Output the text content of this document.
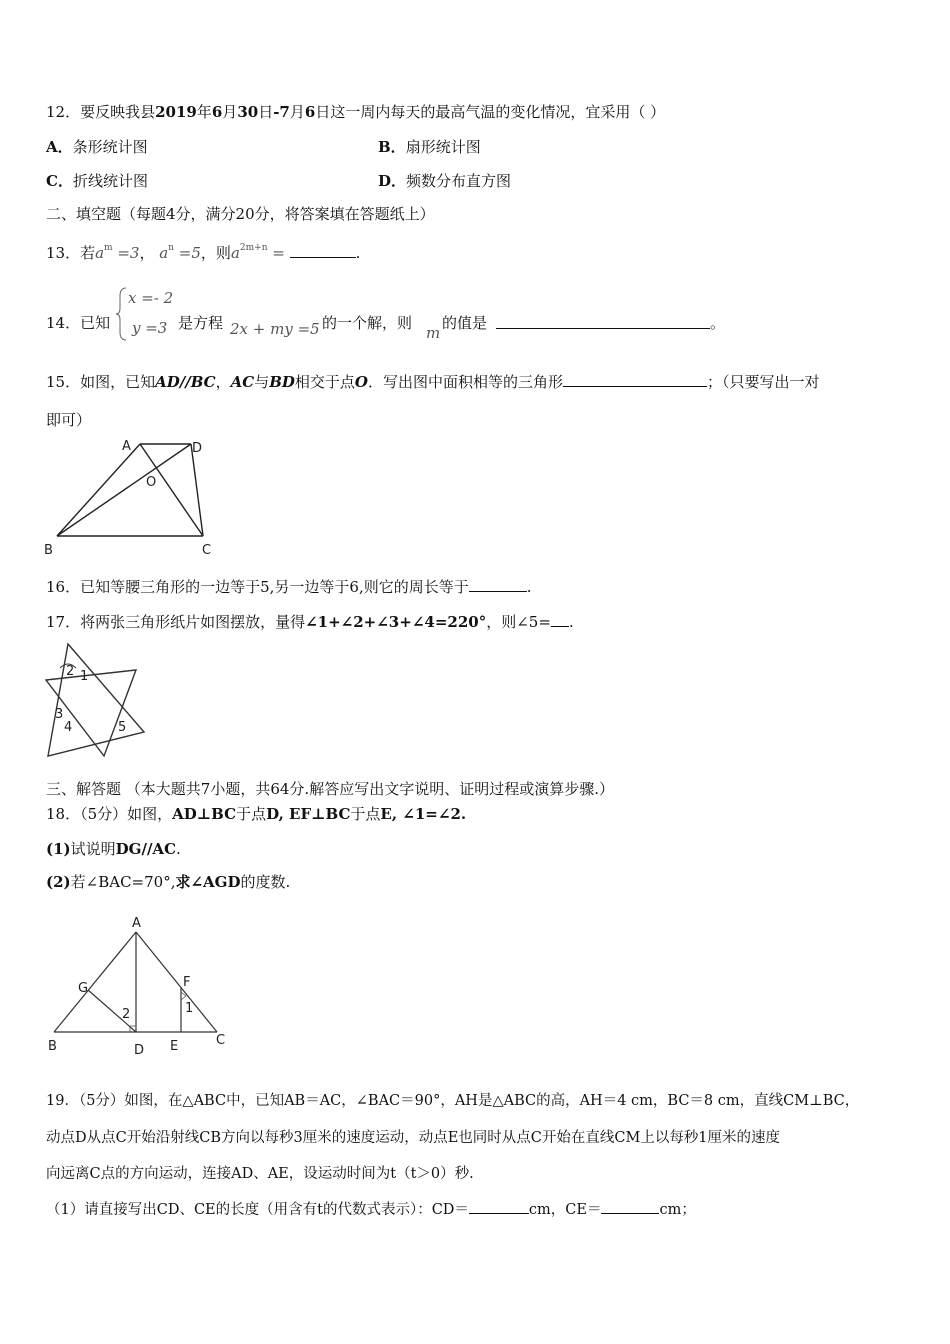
12．要反映我县2019年6月30日-7月6日这一周内每天的最高气温的变化情况，宜采用（ ）
A．条形统计图	B．扇形统计图
C．折线统计图	D．频数分布直方图
二、填空题（每题4分，满分20分，将答案填在答题纸上）
13．若$a^m =3$， $a^n =5$，则$a^{2m+n}$ =	.
14．已知
x =- 2
y =3 是方程 2x + my =5 的一个解，则
m
的值是	。
15．如图，已知AD//BC，AC与BD相交于点O．写出图中面积相等的三角形	；（只要写出一对
即可）
A	D
O
B	C
16．已知等腰三角形的一边等于5,另一边等于6,则它的周长等于	.
17．将两张三角形纸片如图摆放，量得∠1+∠2+∠3+∠4=220°，则∠5= .
2 1
3
4	5
三、解答题 （本大题共7小题，共64分.解答应写出文字说明、证明过程或演算步骤.）
18．（5分）如图，AD⊥BC于点D, EF⊥BC于点E, ∠1=∠2.
(1)试说明DG//AC.
(2)若∠BAC=70°,求∠AGD的度数.
A
G	F
2	1
B	D E	C
19．（5分）如图，在△ABC中，已知AB＝AC，∠BAC＝90°，AH是△ABC的高，AH＝4 cm，BC＝8 cm，直线CM⊥BC，
动点D从点C开始沿射线CB方向以每秒3厘米的速度运动，动点E也同时从点C开始在直线CM上以每秒1厘米的速度
向远离C点的方向运动，连接AD、AE，设运动时间为t（t＞0）秒.
（1）请直接写出CD、CE的长度（用含有t的代数式表示）：CD＝	cm，CE＝	cm；
